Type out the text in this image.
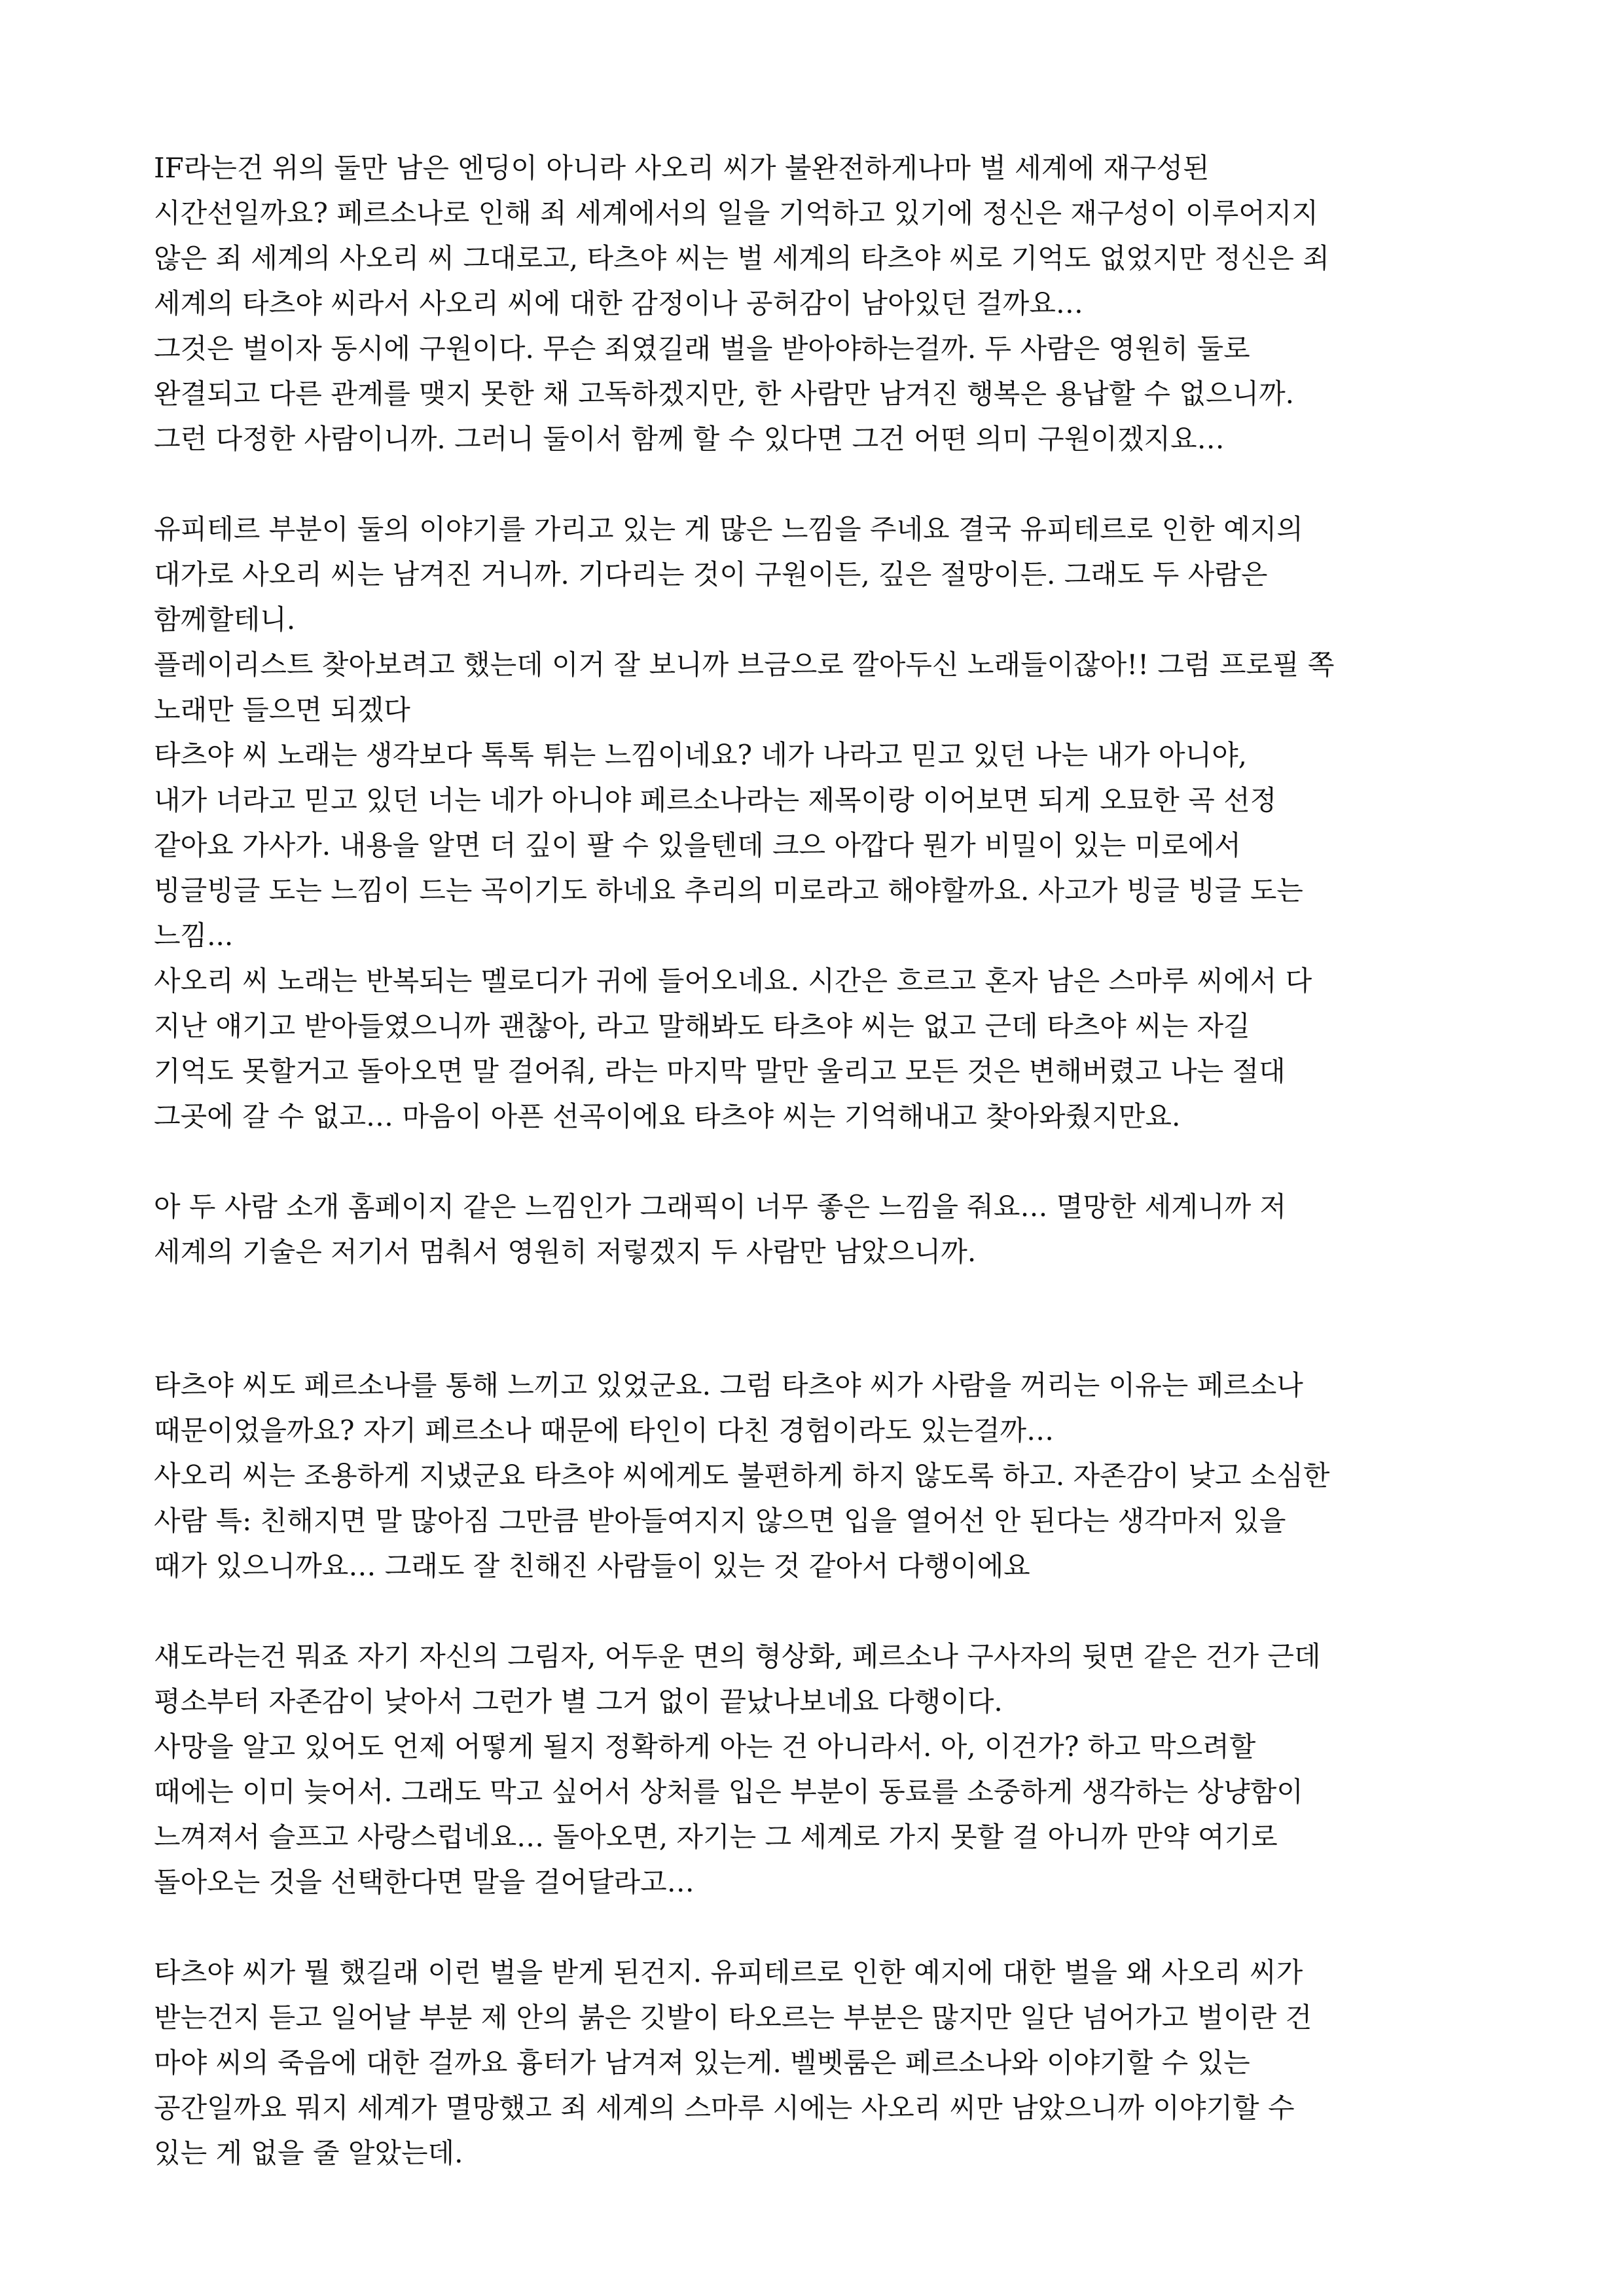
IF라는건 위의 둘만 남은 엔딩이 아니라 사오리 씨가 불완전하게나마 벌 세계에 재구성된
시간선일까요? 페르소나로 인해 죄 세계에서의 일을 기억하고 있기에 정신은 재구성이 이루어지지
않은 죄 세계의 사오리 씨 그대로고, 타츠야 씨는 벌 세계의 타츠야 씨로 기억도 없었지만 정신은 죄
세계의 타츠야 씨라서 사오리 씨에 대한 감정이나 공허감이 남아있던 걸까요…

그것은 벌이자 동시에 구원이다. 무슨 죄였길래 벌을 받아야하는걸까. 두 사람은 영원히 둘로
완결되고 다른 관계를 맺지 못한 채 고독하겠지만, 한 사람만 남겨진 행복은 용납할 수 없으니까.
그런 다정한 사람이니까. 그러니 둘이서 함께 할 수 있다면 그건 어떤 의미 구원이겠지요…

유피테르 부분이 둘의 이야기를 가리고 있는 게 많은 느낌을 주네요 결국 유피테르로 인한 예지의
대가로 사오리 씨는 남겨진 거니까. 기다리는 것이 구원이든, 깊은 절망이든. 그래도 두 사람은
함께할테니.

플레이리스트 찾아보려고 했는데 이거 잘 보니까 브금으로 깔아두신 노래들이잖아!! 그럼 프로필 쪽
노래만 들으면 되겠다

타츠야 씨 노래는 생각보다 톡톡 튀는 느낌이네요? 네가 나라고 믿고 있던 나는 내가 아니야,
내가 너라고 믿고 있던 너는 네가 아니야 페르소나라는 제목이랑 이어보면 되게 오묘한 곡 선정
같아요 가사가. 내용을 알면 더 깊이 팔 수 있을텐데 크으 아깝다 뭔가 비밀이 있는 미로에서
빙글빙글 도는 느낌이 드는 곡이기도 하네요 추리의 미로라고 해야할까요. 사고가 빙글 빙글 도는
느낌...

사오리 씨 노래는 반복되는 멜로디가 귀에 들어오네요. 시간은 흐르고 혼자 남은 스마루 씨에서 다
지난 얘기고 받아들였으니까 괜찮아, 라고 말해봐도 타츠야 씨는 없고 근데 타츠야 씨는 자길
기억도 못할거고 돌아오면 말 걸어줘, 라는 마지막 말만 울리고 모든 것은 변해버렸고 나는 절대
그곳에 갈 수 없고… 마음이 아픈 선곡이에요 타츠야 씨는 기억해내고 찾아와줬지만요.

아 두 사람 소개 홈페이지 같은 느낌인가 그래픽이 너무 좋은 느낌을 줘요… 멸망한 세계니까 저
세계의 기술은 저기서 멈춰서 영원히 저렇겠지 두 사람만 남았으니까.

타츠야 씨도 페르소나를 통해 느끼고 있었군요. 그럼 타츠야 씨가 사람을 꺼리는 이유는 페르소나
때문이었을까요? 자기 페르소나 때문에 타인이 다친 경험이라도 있는걸까…

사오리 씨는 조용하게 지냈군요 타츠야 씨에게도 불편하게 하지 않도록 하고. 자존감이 낮고 소심한
사람 특: 친해지면 말 많아짐 그만큼 받아들여지지 않으면 입을 열어선 안 된다는 생각마저 있을
때가 있으니까요… 그래도 잘 친해진 사람들이 있는 것 같아서 다행이에요

섀도라는건 뭐죠 자기 자신의 그림자, 어두운 면의 형상화, 페르소나 구사자의 뒷면 같은 건가 근데
평소부터 자존감이 낮아서 그런가 별 그거 없이 끝났나보네요 다행이다.

사망을 알고 있어도 언제 어떻게 될지 정확하게 아는 건 아니라서. 아, 이건가? 하고 막으려할
때에는 이미 늦어서. 그래도 막고 싶어서 상처를 입은 부분이 동료를 소중하게 생각하는 상냥함이
느껴져서 슬프고 사랑스럽네요… 돌아오면, 자기는 그 세계로 가지 못할 걸 아니까 만약 여기로
돌아오는 것을 선택한다면 말을 걸어달라고…

타츠야 씨가 뭘 했길래 이런 벌을 받게 된건지. 유피테르로 인한 예지에 대한 벌을 왜 사오리 씨가
받는건지 듣고 일어날 부분 제 안의 붉은 깃발이 타오르는 부분은 많지만 일단 넘어가고 벌이란 건
마야 씨의 죽음에 대한 걸까요 흉터가 남겨져 있는게. 벨벳룸은 페르소나와 이야기할 수 있는
공간일까요 뭐지 세계가 멸망했고 죄 세계의 스마루 시에는 사오리 씨만 남았으니까 이야기할 수
있는 게 없을 줄 알았는데.
